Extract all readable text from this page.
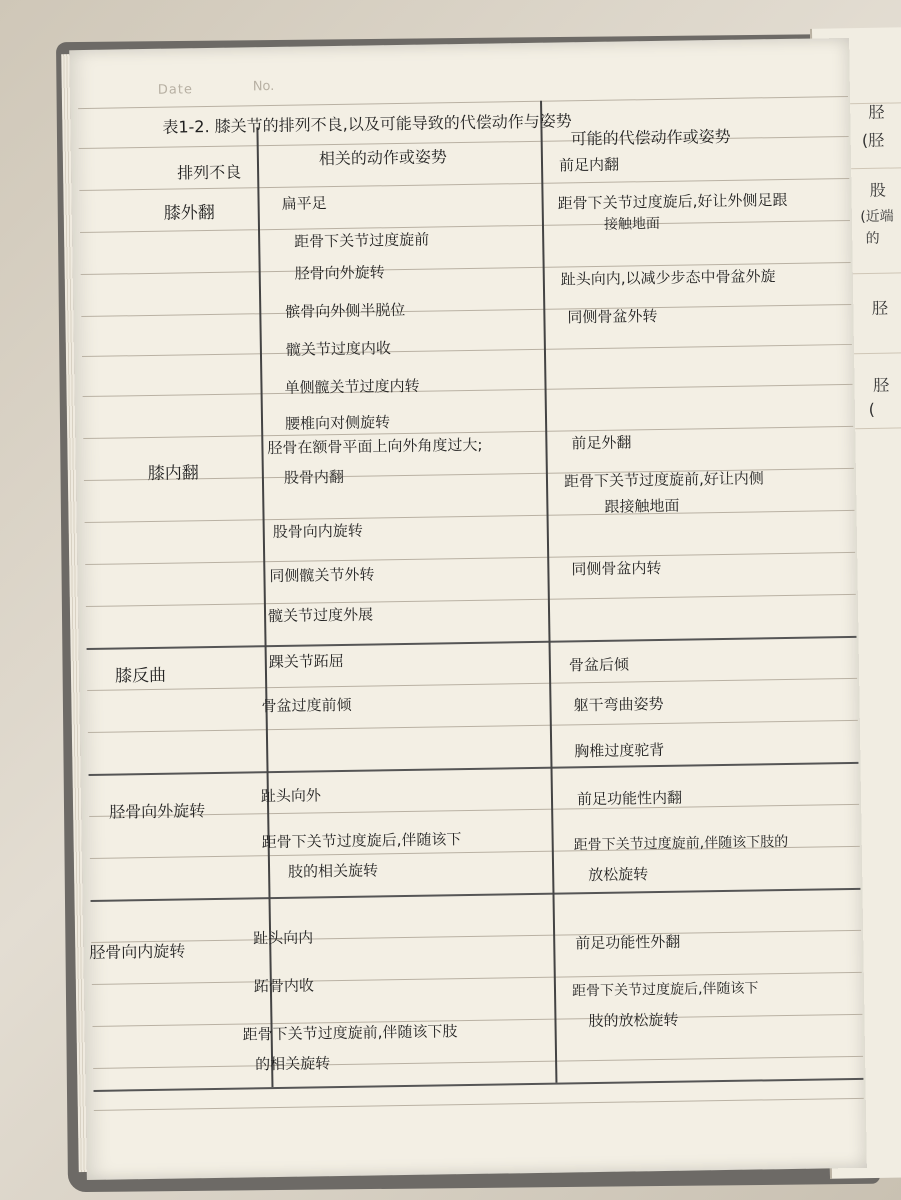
胫
(胫
股
(近端
的
胫
胫
(
Date	No.
表1-2. 膝关节的排列不良,以及可能导致的代偿动作与姿势
排列不良
相关的动作或姿势
可能的代偿动作或姿势
膝外翻	扁平足
距骨下关节过度旋前
胫骨向外旋转
髌骨向外侧半脱位
髋关节过度内收
单侧髋关节过度内转
腰椎向对侧旋转
前足内翻
距骨下关节过度旋后,好让外侧足跟
接触地面
趾头向内,以减少步态中骨盆外旋
同侧骨盆外转
膝内翻
胫骨在额骨平面上向外角度过大;
股骨内翻
股骨向内旋转
同侧髋关节外转
髋关节过度外展
前足外翻
距骨下关节过度旋前,好让内侧
跟接触地面
同侧骨盆内转
膝反曲
踝关节跖屈
骨盆过度前倾
骨盆后倾
躯干弯曲姿势
胸椎过度驼背
胫骨向外旋转
趾头向外
距骨下关节过度旋后,伴随该下
肢的相关旋转
前足功能性内翻
距骨下关节过度旋前,伴随该下肢的
放松旋转
胫骨向内旋转
趾头向内
跖骨内收
距骨下关节过度旋前,伴随该下肢
的相关旋转
前足功能性外翻
距骨下关节过度旋后,伴随该下
肢的放松旋转
